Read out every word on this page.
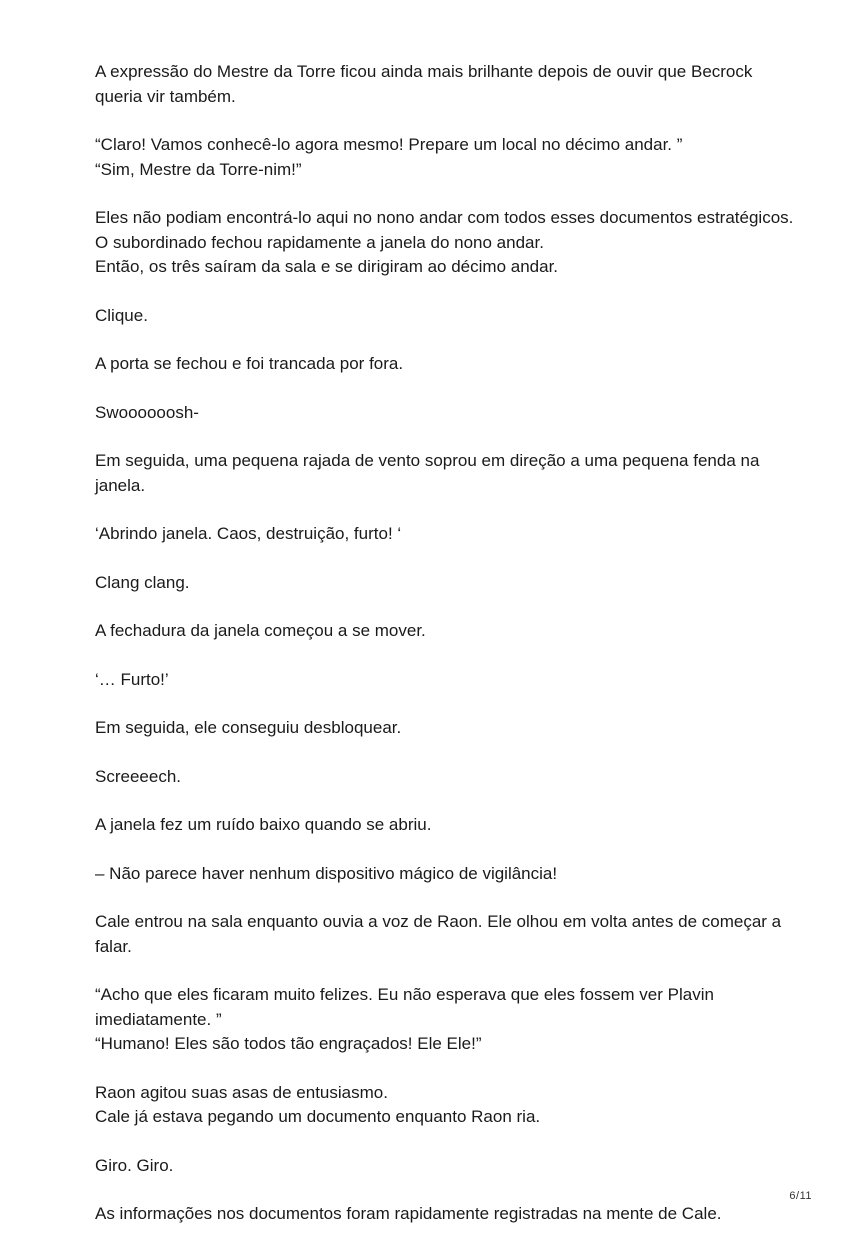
A expressão do Mestre da Torre ficou ainda mais brilhante depois de ouvir que Becrock queria vir também.

“Claro! Vamos conhecê-lo agora mesmo! Prepare um local no décimo andar. ”
“Sim, Mestre da Torre-nim!”

Eles não podiam encontrá-lo aqui no nono andar com todos esses documentos estratégicos.
O subordinado fechou rapidamente a janela do nono andar.
Então, os três saíram da sala e se dirigiram ao décimo andar.

Clique.

A porta se fechou e foi trancada por fora.

Swoooooosh-

Em seguida, uma pequena rajada de vento soprou em direção a uma pequena fenda na janela.

‘Abrindo janela. Caos, destruição, furto! ‘

Clang clang.

A fechadura da janela começou a se mover.

‘… Furto!’

Em seguida, ele conseguiu desbloquear.

Screeeech.

A janela fez um ruído baixo quando se abriu.

– Não parece haver nenhum dispositivo mágico de vigilância!

Cale entrou na sala enquanto ouvia a voz de Raon. Ele olhou em volta antes de começar a falar.

“Acho que eles ficaram muito felizes. Eu não esperava que eles fossem ver Plavin imediatamente. ”
“Humano! Eles são todos tão engraçados! Ele Ele!”

Raon agitou suas asas de entusiasmo.
Cale já estava pegando um documento enquanto Raon ria.

Giro. Giro.

As informações nos documentos foram rapidamente registradas na mente de Cale.

6/11
